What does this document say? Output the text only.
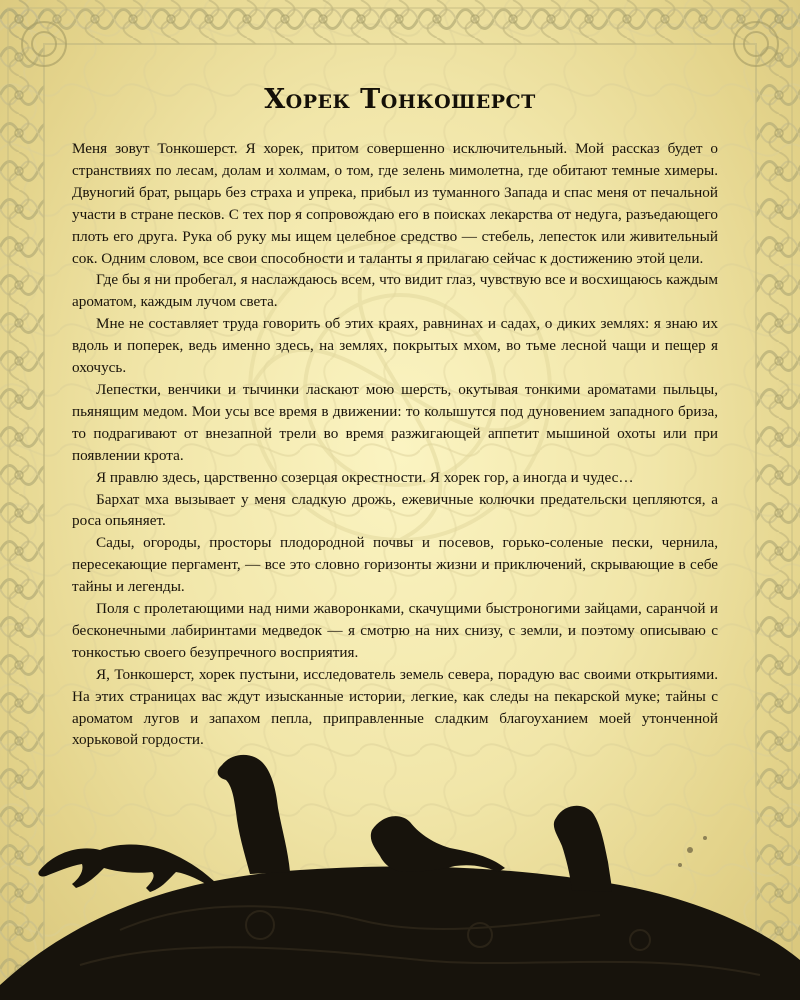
Хорек Тонкошерст

Меня зовут Тонкошерст. Я хорек, притом совершенно исключительный. Мой рассказ будет о странствиях по лесам, долам и холмам, о том, где зелень мимолетна, где обитают темные химеры. Двуногий брат, рыцарь без страха и упрека, прибыл из туманного Запада и спас меня от печальной участи в стране песков. С тех пор я сопровождаю его в поисках лекарства от недуга, разъедающего плоть его друга. Рука об руку мы ищем целебное средство — стебель, лепесток или живительный сок. Одним словом, все свои способности и таланты я прилагаю сейчас к достижению этой цели.

Где бы я ни пробегал, я наслаждаюсь всем, что видит глаз, чувствую все и восхищаюсь каждым ароматом, каждым лучом света.

Мне не составляет труда говорить об этих краях, равнинах и садах, о диких землях: я знаю их вдоль и поперек, ведь именно здесь, на землях, покрытых мхом, во тьме лесной чащи и пещер я охочусь.

Лепестки, венчики и тычинки ласкают мою шерсть, окутывая тонкими ароматами пыльцы, пьянящим медом. Мои усы все время в движении: то колышутся под дуновением западного бриза, то подрагивают от внезапной трели во время разжигающей аппетит мышиной охоты или при появлении крота.

Я правлю здесь, царственно созерцая окрестности. Я хорек гор, а иногда и чудес…

Бархат мха вызывает у меня сладкую дрожь, ежевичные колючки предательски цепляются, а роса опьяняет.

Сады, огороды, просторы плодородной почвы и посевов, горько-соленые пески, чернила, пересекающие пергамент, — все это словно горизонты жизни и приключений, скрывающие в себе тайны и легенды.

Поля с пролетающими над ними жаворонками, скачущими быстроногими зайцами, саранчой и бесконечными лабиринтами медведок — я смотрю на них снизу, с земли, и поэтому описываю с тонкостью своего безупречного восприятия.

Я, Тонкошерст, хорек пустыни, исследователь земель севера, порадую вас своими открытиями. На этих страницах вас ждут изысканные истории, легкие, как следы на пекарской муке; тайны с ароматом лугов и запахом пепла, приправленные сладким благоуханием моей утонченной хорьковой гордости.
